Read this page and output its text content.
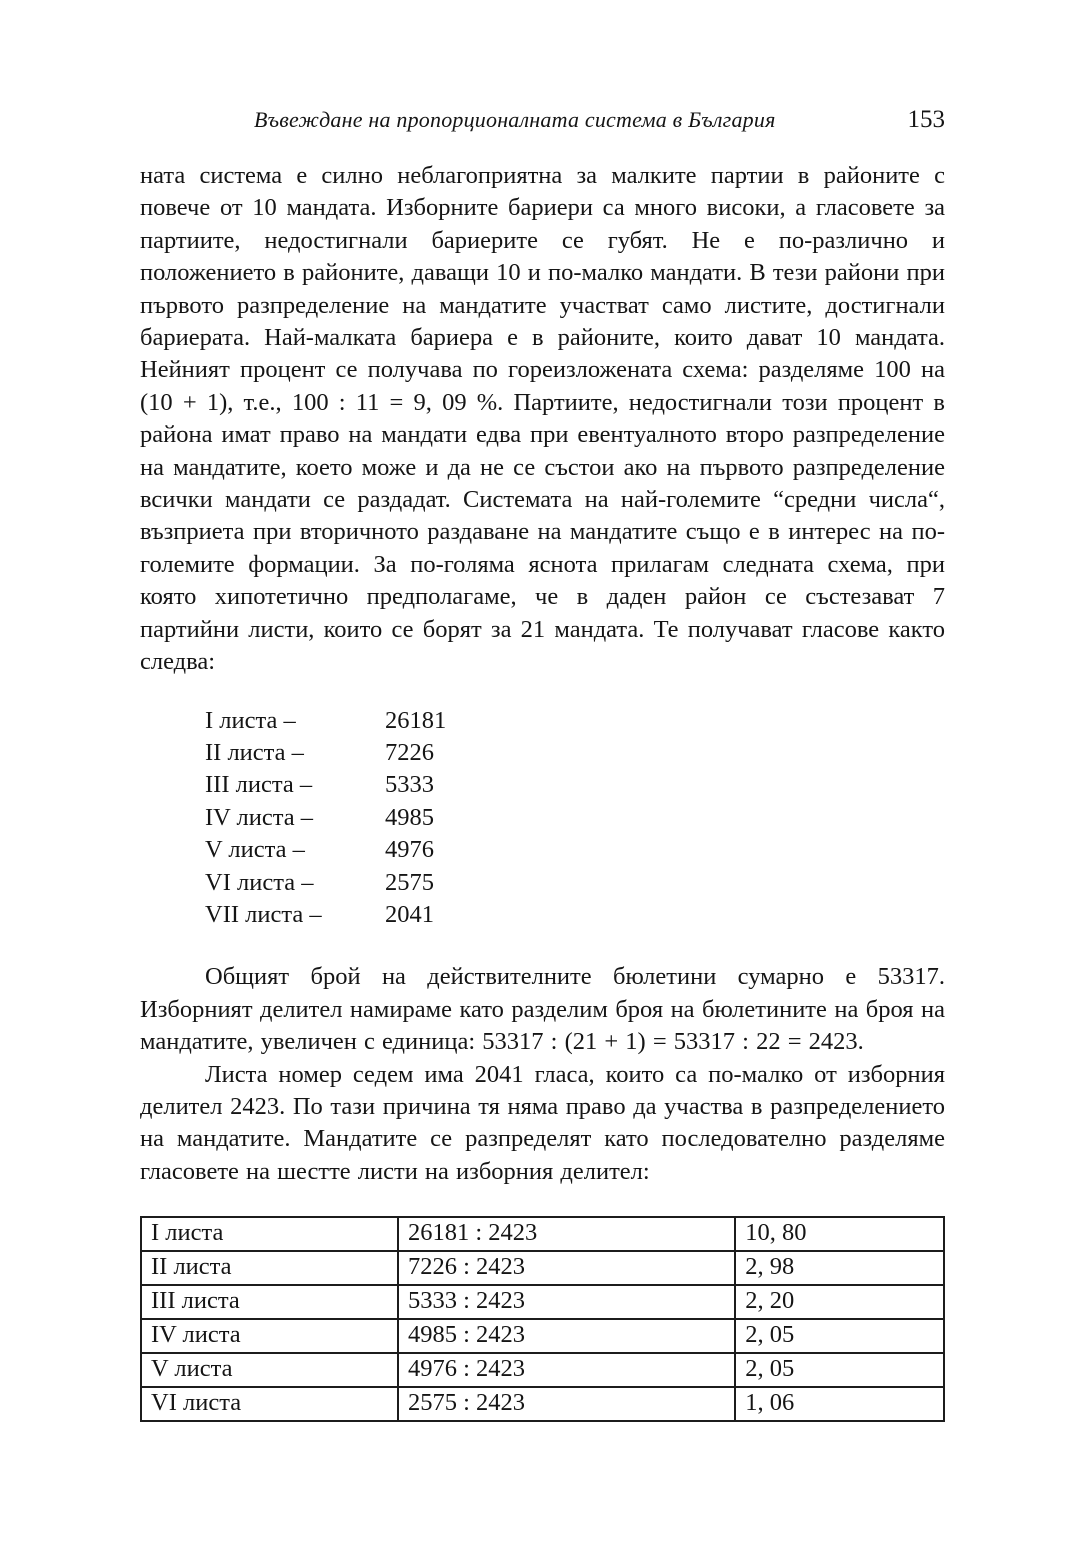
Въвеждане на пропорционалната система в България	153

ната система е силно неблагоприятна за малките партии в районите с повече от 10 мандата. Изборните бариери са много високи, а гласовете за партиите, недостигнали бариерите се губят. Не е по-различно и положението в районите, даващи 10 и по-малко мандати. В тези райони при първото разпределение на мандатите участват само листите, достигнали бариерата. Най-малката бариера е в районите, които дават 10 мандата. Нейният процент се получава по гореизложената схема: разделяме 100 на (10 + 1), т.е., 100 : 11 = 9, 09 %. Партиите, недостигнали този процент в района имат право на мандати едва при евентуалното второ разпределение на мандатите, което може и да не се състои ако на първото разпределение всички мандати се раздадат. Системата на най-големите “средни числа“, възприета при вторичното раздаване на мандатите също е в интерес на по-големите формации. За по-голяма яснота прилагам следната схема, при която хипотетично предполагаме, че в даден район се състезават 7 партийни листи, които се борят за 21 мандата. Те получават гласове както следва:

I листа –	26181
II листа –	7226
III листа –	5333
IV листа –	4985
V листа –	4976
VI листа –	2575
VII листа –	2041

Общият брой на действителните бюлетини сумарно е 53317. Изборният делител намираме като разделим броя на бюлетините на броя на мандатите, увеличен с единица: 53317 : (21 + 1) = 53317 : 22 = 2423.

Листа номер седем има 2041 гласа, които са по-малко от изборния делител 2423. По тази причина тя няма право да участва в разпределението на мандатите. Мандатите се разпределят като последователно разделяме гласовете на шестте листи на изборния делител:

I листа	26181 : 2423	10, 80
II листа	7226 : 2423	2, 98
III листа	5333 : 2423	2, 20
IV листа	4985 : 2423	2, 05
V листа	4976 : 2423	2, 05
VI листа	2575 : 2423	1, 06
